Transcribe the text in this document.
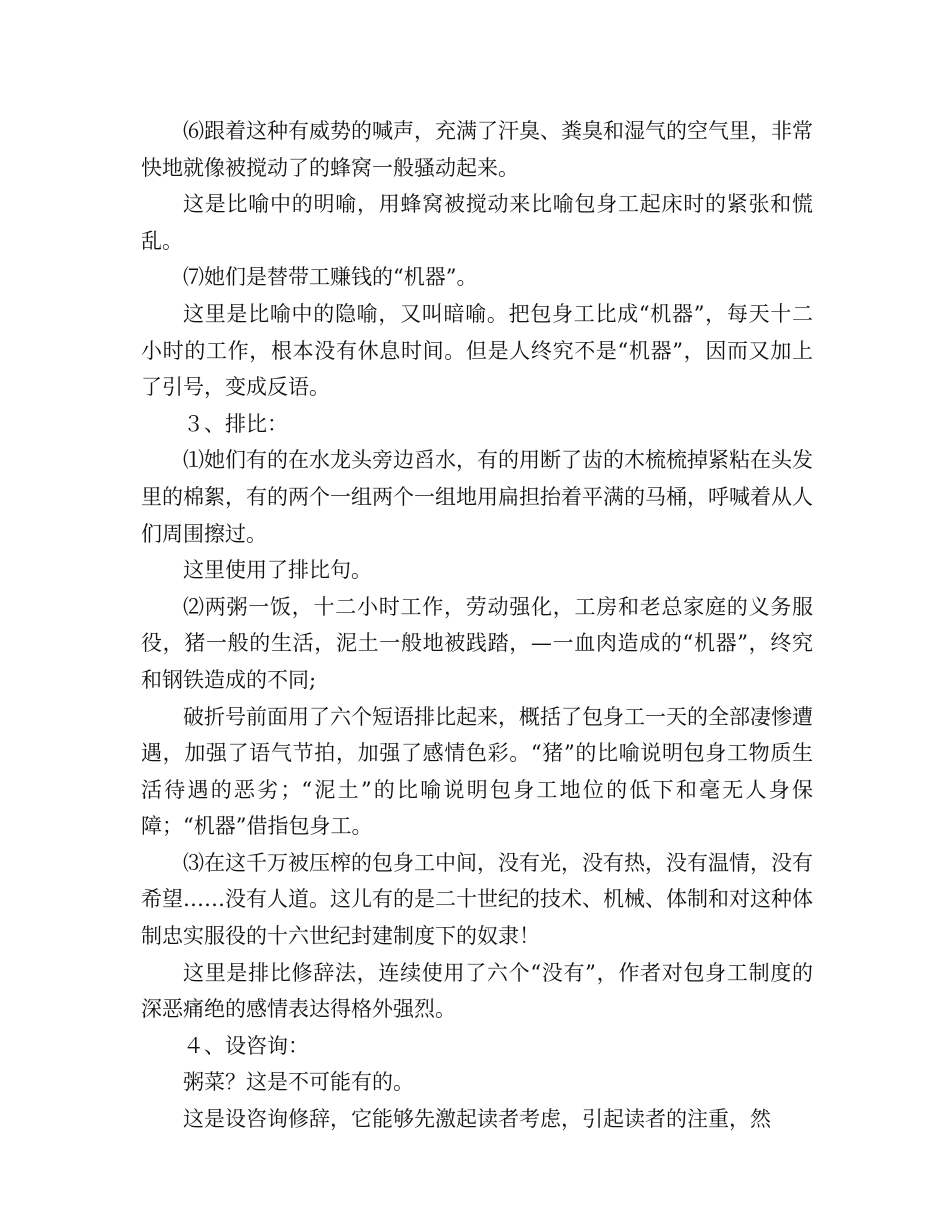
⑹跟着这种有威势的喊声，充满了汗臭、粪臭和湿气的空气里，非常快地就像被搅动了的蜂窝一般骚动起来。

这是比喻中的明喻，用蜂窝被搅动来比喻包身工起床时的紧张和慌乱。

⑺她们是替带工赚钱的“机器”。

这里是比喻中的隐喻，又叫暗喻。把包身工比成“机器”，每天十二小时的工作，根本没有休息时间。但是人终究不是“机器”，因而又加上了引号，变成反语。

３、排比：

⑴她们有的在水龙头旁边舀水，有的用断了齿的木梳梳掉紧粘在头发里的棉絮，有的两个一组两个一组地用扁担抬着平满的马桶，呼喊着从人们周围擦过。

这里使用了排比句。

⑵两粥一饭，十二小时工作，劳动强化，工房和老总家庭的义务服役，猪一般的生活，泥土一般地被践踏，—一血肉造成的“机器”，终究和钢铁造成的不同;

破折号前面用了六个短语排比起来，概括了包身工一天的全部凄惨遭遇，加强了语气节拍，加强了感情色彩。“猪”的比喻说明包身工物质生活待遇的恶劣；“泥土”的比喻说明包身工地位的低下和毫无人身保障；“机器”借指包身工。

⑶在这千万被压榨的包身工中间，没有光，没有热，没有温情，没有希望……没有人道。这儿有的是二十世纪的技术、机械、体制和对这种体制忠实服役的十六世纪封建制度下的奴隶！

这里是排比修辞法，连续使用了六个“没有”，作者对包身工制度的深恶痛绝的感情表达得格外强烈。

４、设咨询：

粥菜？这是不可能有的。

这是设咨询修辞，它能够先激起读者考虑，引起读者的注重，然
